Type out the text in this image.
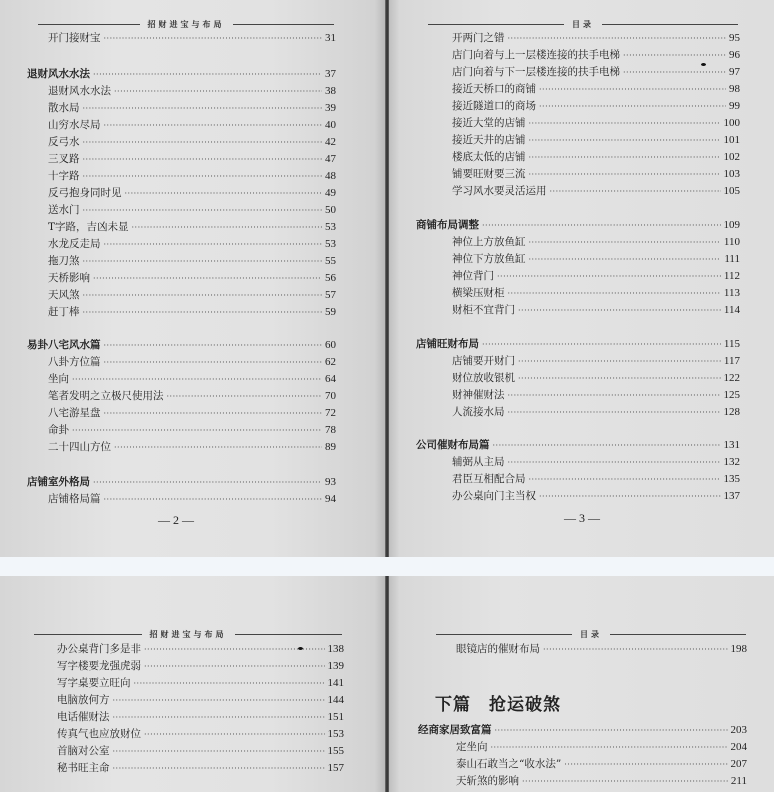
招财进宝与布局
开门接财宝 ·····	31
退财风水水法 ·····	37
退财风水水法 ·····	38
散水局 ·····	39
山穷水尽局 ·····	40
反弓水 ·····	42
三叉路 ·····	47
十字路 ·····	48
反弓抱身同时见 ·····	49
送水门 ·····	50
T字路，吉凶未显 ·····	53
水龙反走局 ·····	53
拖刀煞 ·····	55
天桥影响 ·····	56
天风煞 ·····	57
赶丁棒 ·····	59
易卦八宅风水篇 ·····	60
八卦方位篇 ·····	62
坐向 ·····	64
笔者发明之立极尺使用法 ·····	70
八宅游星盘 ·····	72
命卦 ·····	78
二十四山方位 ·····	89
店铺室外格局 ·····	93
店铺格局篇 ·····	94
— 2 —
目录
开两门之错 ·····	95
店门向着与上一层楼连接的扶手电梯 ·····	96
店门向着与下一层楼连接的扶手电梯 ·····	97
接近天桥口的商铺 ·····	98
接近隧道口的商场 ·····	99
接近大堂的店铺 ·····	100
接近天井的店铺 ·····	101
楼底太低的店铺 ·····	102
铺要旺财要三流 ·····	103
学习风水要灵活运用 ·····	105
商铺布局调整 ·····	109
神位上方放鱼缸 ·····	110
神位下方放鱼缸 ·····	111
神位背门 ·····	112
横梁压财柜 ·····	113
财柜不宜背门 ·····	114
店铺旺财布局 ·····	115
店铺要开财门 ·····	117
财位放收银机 ·····	122
财神催财法 ·····	125
人流接水局 ·····	128
公司催财布局篇 ·····	131
辅弼从主局 ·····	132
君臣互相配合局 ·····	135
办公桌向门主当权 ·····	137
— 3 —
招财进宝与布局
办公桌背门多是非 ·····	138
写字楼要龙强虎弱 ·····	139
写字桌要立旺向 ·····	141
电脑放何方 ·····	144
电话催财法 ·····	151
传真气也应放财位 ·····	153
首脑对公室 ·····	155
秘书旺主命 ·····	157
目录
下篇　抢运破煞
眼镜店的催财布局 ·····	198
经商家居致富篇 ·····	203
定坐向 ·····	204
泰山石敢当之“收水法” ·····	207
天斩煞的影响 ·····	211
